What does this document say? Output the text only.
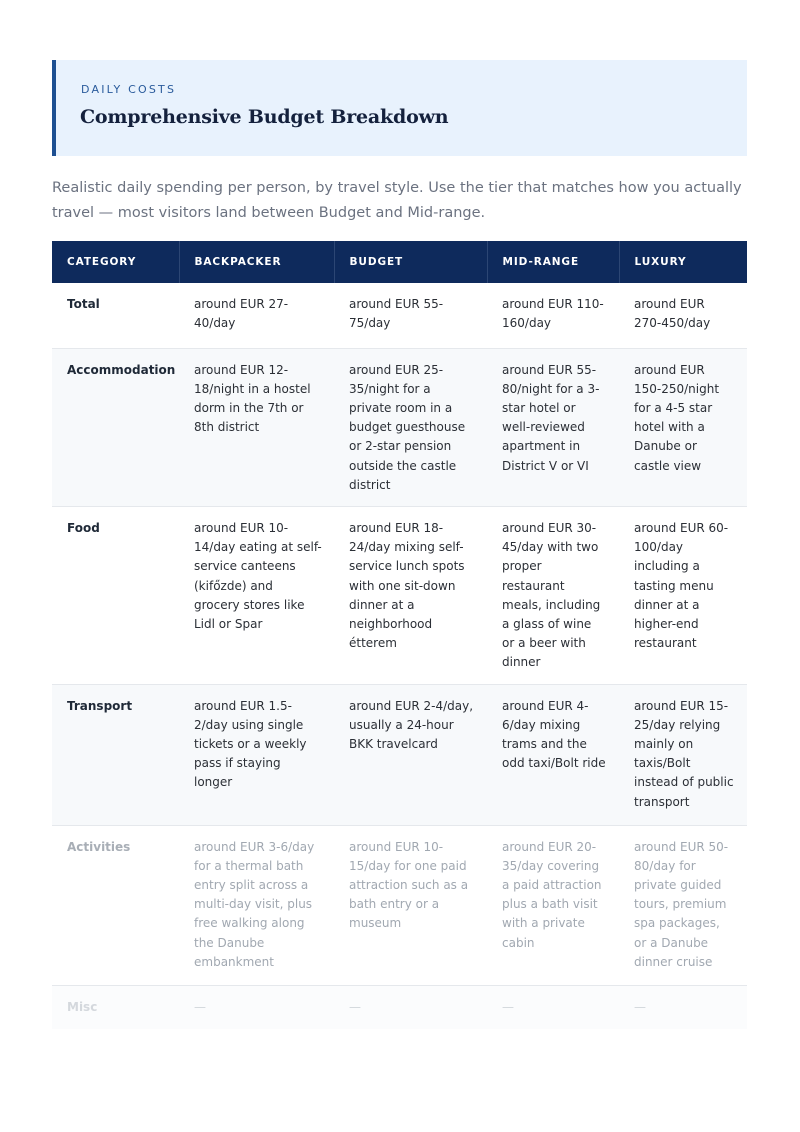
DAILY COSTS
Comprehensive Budget Breakdown

Realistic daily spending per person, by travel style. Use the tier that matches how you actually travel — most visitors land between Budget and Mid-range.

CATEGORY	BACKPACKER	BUDGET	MID-RANGE	LUXURY
Total	around EUR 27-40/day	around EUR 55-75/day	around EUR 110-160/day	around EUR 270-450/day
Accommodation	around EUR 12-18/night in a hostel dorm in the 7th or 8th district	around EUR 25-35/night for a private room in a budget guesthouse or 2-star pension outside the castle district	around EUR 55-80/night for a 3-star hotel or well-reviewed apartment in District V or VI	around EUR 150-250/night for a 4-5 star hotel with a Danube or castle view
Food	around EUR 10-14/day eating at self-service canteens (kifőzde) and grocery stores like Lidl or Spar	around EUR 18-24/day mixing self-service lunch spots with one sit-down dinner at a neighborhood étterem	around EUR 30-45/day with two proper restaurant meals, including a glass of wine or a beer with dinner	around EUR 60-100/day including a tasting menu dinner at a higher-end restaurant
Transport	around EUR 1.5-2/day using single tickets or a weekly pass if staying longer	around EUR 2-4/day, usually a 24-hour BKK travelcard	around EUR 4-6/day mixing trams and the odd taxi/Bolt ride	around EUR 15-25/day relying mainly on taxis/Bolt instead of public transport
Activities	around EUR 3-6/day for a thermal bath entry split across a multi-day visit, plus free walking along the Danube embankment	around EUR 10-15/day for one paid attraction such as a bath entry or a museum	around EUR 20-35/day covering a paid attraction plus a bath visit with a private cabin	around EUR 50-80/day for private guided tours, premium spa packages, or a Danube dinner cruise
Misc	—	—	—	—
